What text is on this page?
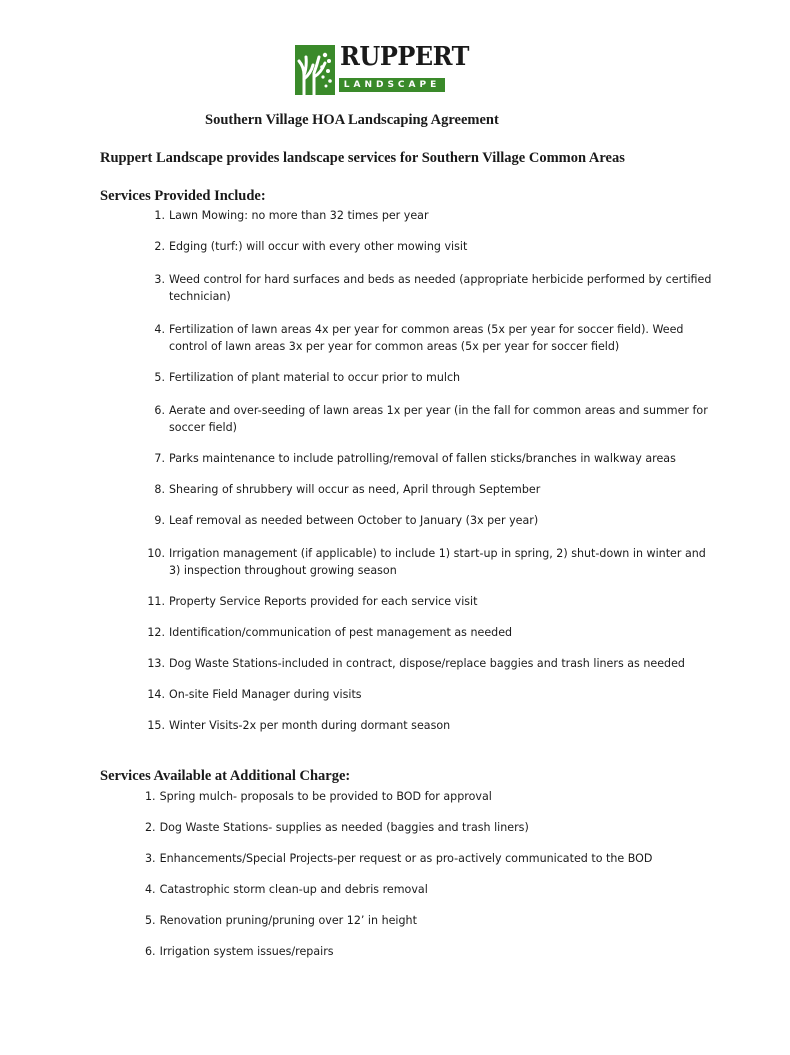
RUPPERT
LANDSCAPE
Southern Village HOA Landscaping Agreement
Ruppert Landscape provides landscape services for Southern Village Common Areas
Services Provided Include:
1. Lawn Mowing: no more than 32 times per year
2. Edging (turf:) will occur with every other mowing visit
3. Weed control for hard surfaces and beds as needed (appropriate herbicide performed by certified technician)
4. Fertilization of lawn areas 4x per year for common areas (5x per year for soccer field). Weed control of lawn areas 3x per year for common areas (5x per year for soccer field)
5. Fertilization of plant material to occur prior to mulch
6. Aerate and over-seeding of lawn areas 1x per year (in the fall for common areas and summer for soccer field)
7. Parks maintenance to include patrolling/removal of fallen sticks/branches in walkway areas
8. Shearing of shrubbery will occur as need, April through September
9. Leaf removal as needed between October to January (3x per year)
10. Irrigation management (if applicable) to include 1) start-up in spring, 2) shut-down in winter and 3) inspection throughout growing season
11. Property Service Reports provided for each service visit
12. Identification/communication of pest management as needed
13. Dog Waste Stations-included in contract, dispose/replace baggies and trash liners as needed
14. On-site Field Manager during visits
15. Winter Visits-2x per month during dormant season
Services Available at Additional Charge:
1. Spring mulch- proposals to be provided to BOD for approval
2. Dog Waste Stations- supplies as needed (baggies and trash liners)
3. Enhancements/Special Projects-per request or as pro-actively communicated to the BOD
4. Catastrophic storm clean-up and debris removal
5. Renovation pruning/pruning over 12’ in height
6. Irrigation system issues/repairs
